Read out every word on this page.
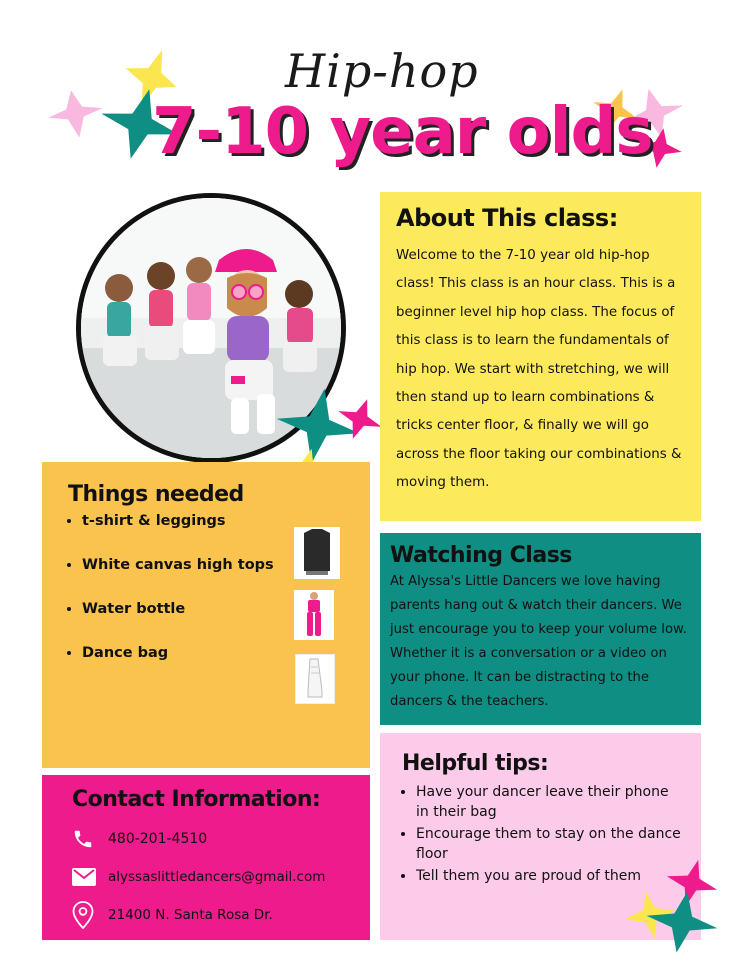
Hip-hop
7-10 year olds
About This class:
Welcome to the 7-10 year old hip-hop class! This class is an hour class. This is a beginner level hip hop class. The focus of this class is to learn the fundamentals of hip hop. We start with stretching, we will then stand up to learn combinations & tricks center floor, & finally we will go across the floor taking our combinations & moving them.
Things needed
• t-shirt & leggings
• White canvas high tops
• Water bottle
• Dance bag
Watching Class
At Alyssa's Little Dancers we love having parents hang out & watch their dancers. We just encourage you to keep your volume low. Whether it is a conversation or a video on your phone. It can be distracting to the dancers & the teachers.
Contact Information:
480-201-4510
alyssaslittledancers@gmail.com
21400 N. Santa Rosa Dr.
Helpful tips:
• Have your dancer leave their phone in their bag
• Encourage them to stay on the dance floor
• Tell them you are proud of them
